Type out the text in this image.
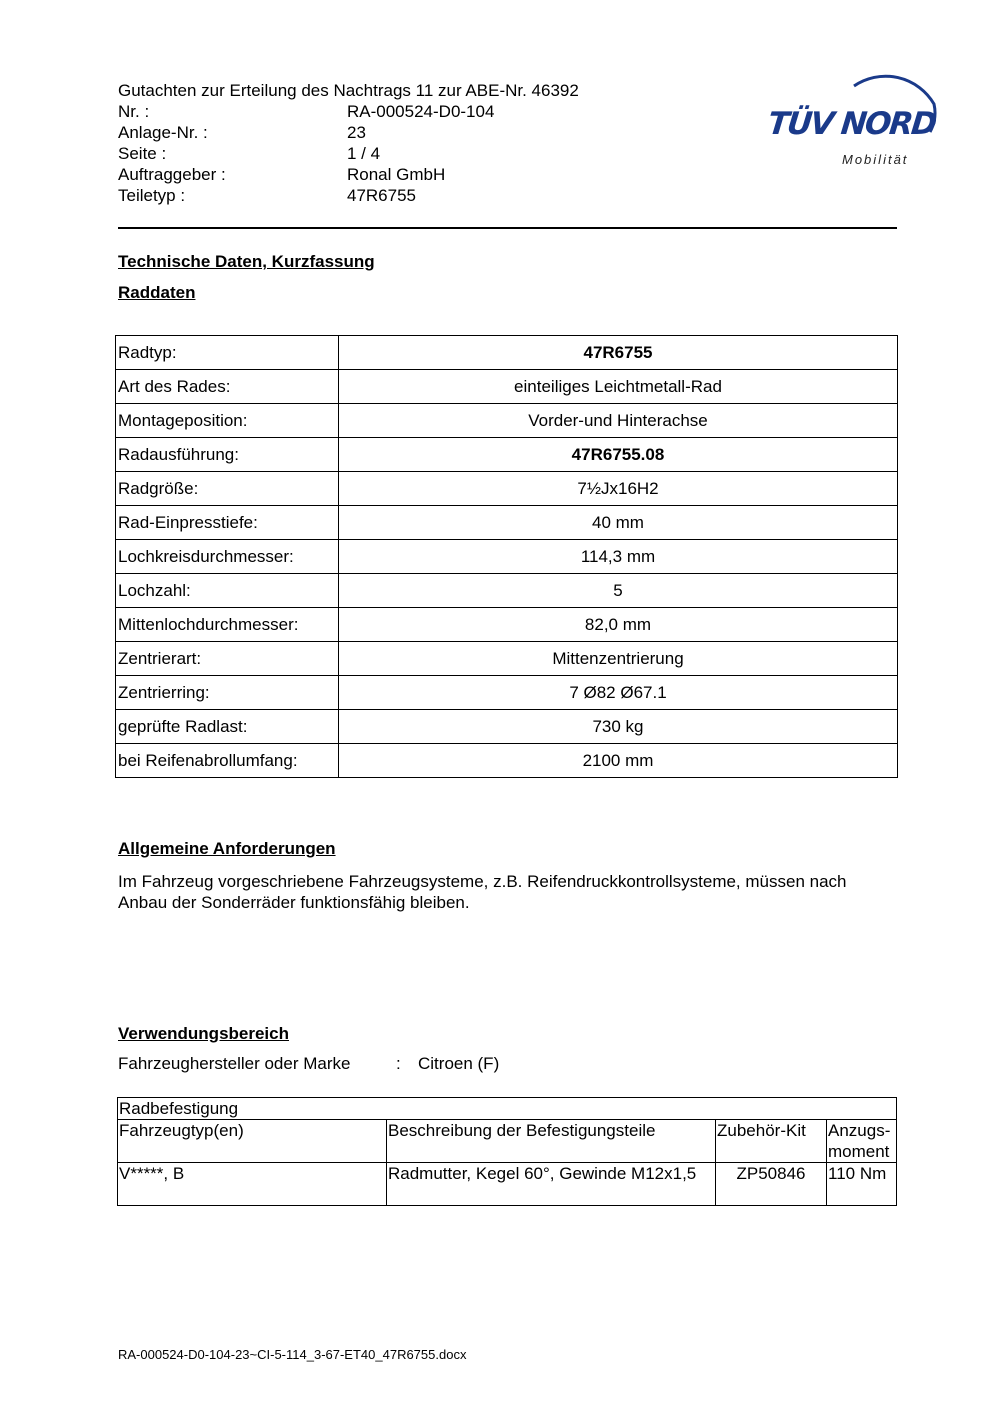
Gutachten zur Erteilung des Nachtrags 11 zur ABE-Nr. 46392
Nr. :	RA-000524-D0-104
Anlage-Nr. :	23
Seite :	1 / 4
Auftraggeber :	Ronal GmbH
Teiletyp :	47R6755
TÜV NORD
Mobilität
Technische Daten, Kurzfassung
Raddaten
Radtyp:	47R6755
Art des Rades:	einteiliges Leichtmetall-Rad
Montageposition:	Vorder-und Hinterachse
Radausführung:	47R6755.08
Radgröße:	7½Jx16H2
Rad-Einpresstiefe:	40 mm
Lochkreisdurchmesser:	114,3 mm
Lochzahl:	5
Mittenlochdurchmesser:	82,0 mm
Zentrierart:	Mittenzentrierung
Zentrierring:	7 Ø82 Ø67.1
geprüfte Radlast:	730 kg
bei Reifenabrollumfang:	2100 mm
Allgemeine Anforderungen
Im Fahrzeug vorgeschriebene Fahrzeugsysteme, z.B. Reifendruckkontrollsysteme, müssen nach Anbau der Sonderräder funktionsfähig bleiben.
Verwendungsbereich
Fahrzeughersteller oder Marke	:	Citroen (F)
Radbefestigung			
Fahrzeugtyp(en)	Beschreibung der Befestigungsteile	Zubehör-Kit	Anzugs-moment
V*****, B	Radmutter, Kegel 60°, Gewinde M12x1,5	ZP50846	110 Nm
RA-000524-D0-104-23~CI-5-114_3-67-ET40_47R6755.docx
